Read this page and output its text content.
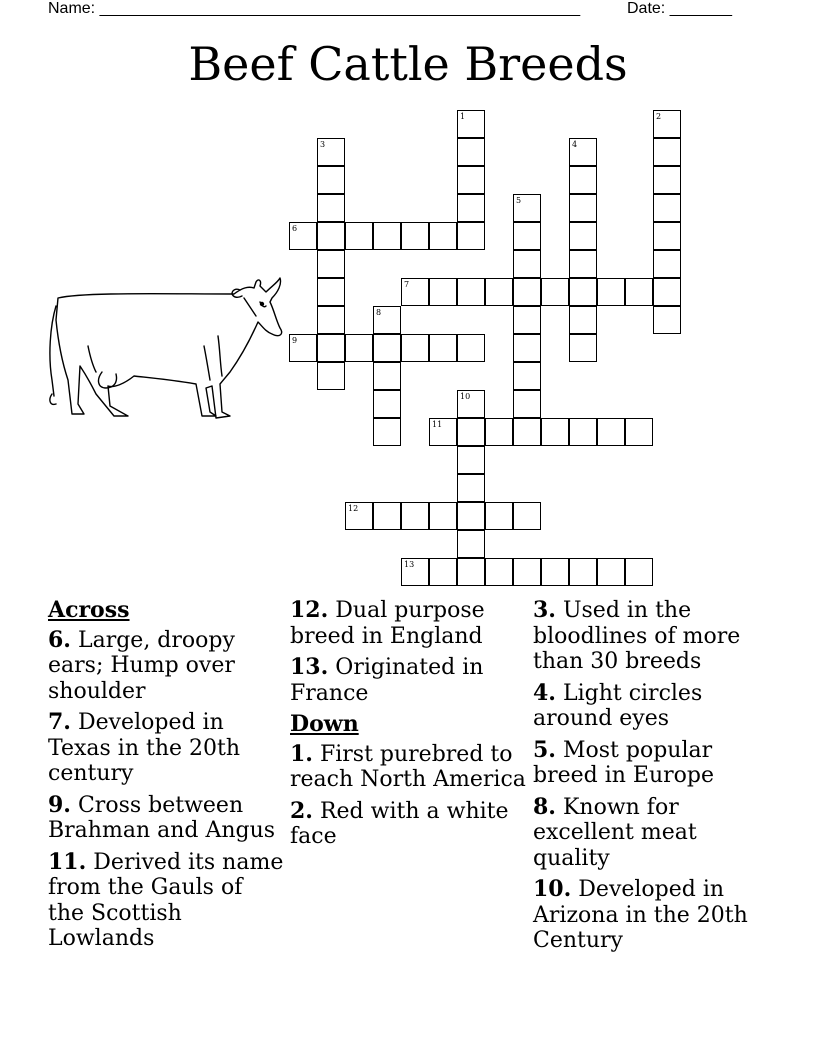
Name: ______________________________________________________	Date: _______
Beef Cattle Breeds
1	2
3	4
5
6
7
8
9
10
11
12
13

Across

6. Large, droopy ears; Hump over shoulder

7. Developed in Texas in the 20th century

9. Cross between Brahman and Angus

11. Derived its name from the Gauls of the Scottish Lowlands

12. Dual purpose breed in England

13. Originated in France

Down

1. First purebred to reach North America

2. Red with a white face

3. Used in the bloodlines of more than 30 breeds

4. Light circles around eyes

5. Most popular breed in Europe

8. Known for excellent meat quality

10. Developed in Arizona in the 20th Century
